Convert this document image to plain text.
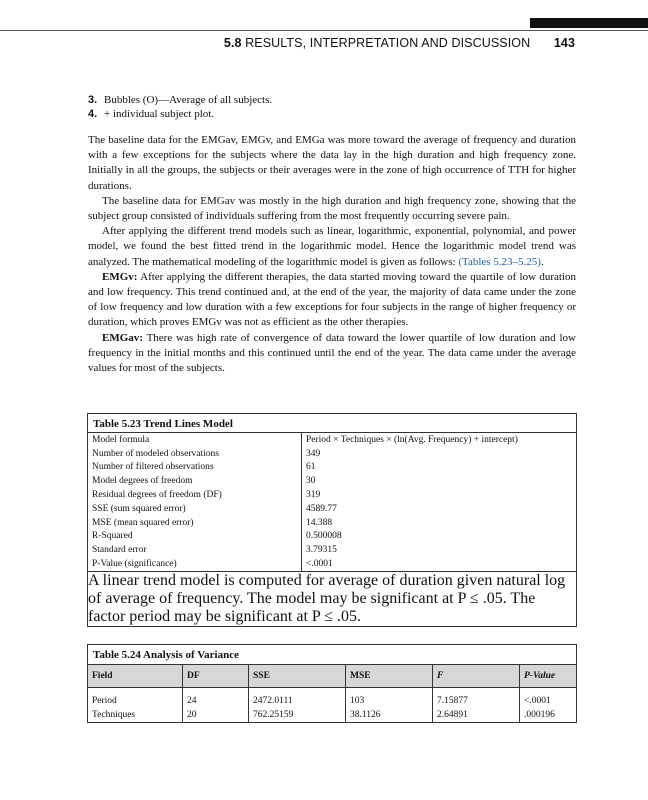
5.8 RESULTS, INTERPRETATION AND DISCUSSION 143
3. Bubbles (O)—Average of all subjects.
4. + individual subject plot.

The baseline data for the EMGav, EMGv, and EMGa was more toward the average of frequency and duration with a few exceptions for the subjects where the data lay in the high duration and high frequency zone. Initially in all the groups, the subjects or their averages were in the zone of high occurrence of TTH for higher durations.

The baseline data for EMGav was mostly in the high duration and high frequency zone, showing that the subject group consisted of individuals suffering from the most frequently occurring severe pain.

After applying the different trend models such as linear, logarithmic, exponential, polynomial, and power model, we found the best fitted trend in the logarithmic model. Hence the logarithmic model trend was analyzed. The mathematical modeling of the logarithmic model is given as follows: (Tables 5.23–5.25).

EMGv: After applying the different therapies, the data started moving toward the quartile of low duration and low frequency. This trend continued and, at the end of the year, the majority of data came under the zone of low frequency and low duration with a few exceptions for four subjects in the range of higher frequency or duration, which proves EMGv was not as efficient as the other therapies.

EMGav: There was high rate of convergence of data toward the lower quartile of low duration and low frequency in the initial months and this continued until the end of the year. The data came under the average values for most of the subjects.

Table 5.23 Trend Lines Model
Model formula	Period × Techniques × (ln(Avg. Frequency) + intercept)
Number of modeled observations	349
Number of filtered observations	61
Model degrees of freedom	30
Residual degrees of freedom (DF)	319
SSE (sum squared error)	4589.77
MSE (mean squared error)	14.388
R-Squared	0.500008
Standard error	3.79315
P-Value (significance)	<.0001
A linear trend model is computed for average of duration given natural log of average of frequency. The model may be significant at P ≤ .05. The factor period may be significant at P ≤ .05.
Table 5.24 Analysis of Variance
Field	DF	SSE	MSE	F	P-Value
Period	24	2472.0111	103	7.15877	<.0001
Techniques	20	762.25159	38.1126	2.64891	.000196
